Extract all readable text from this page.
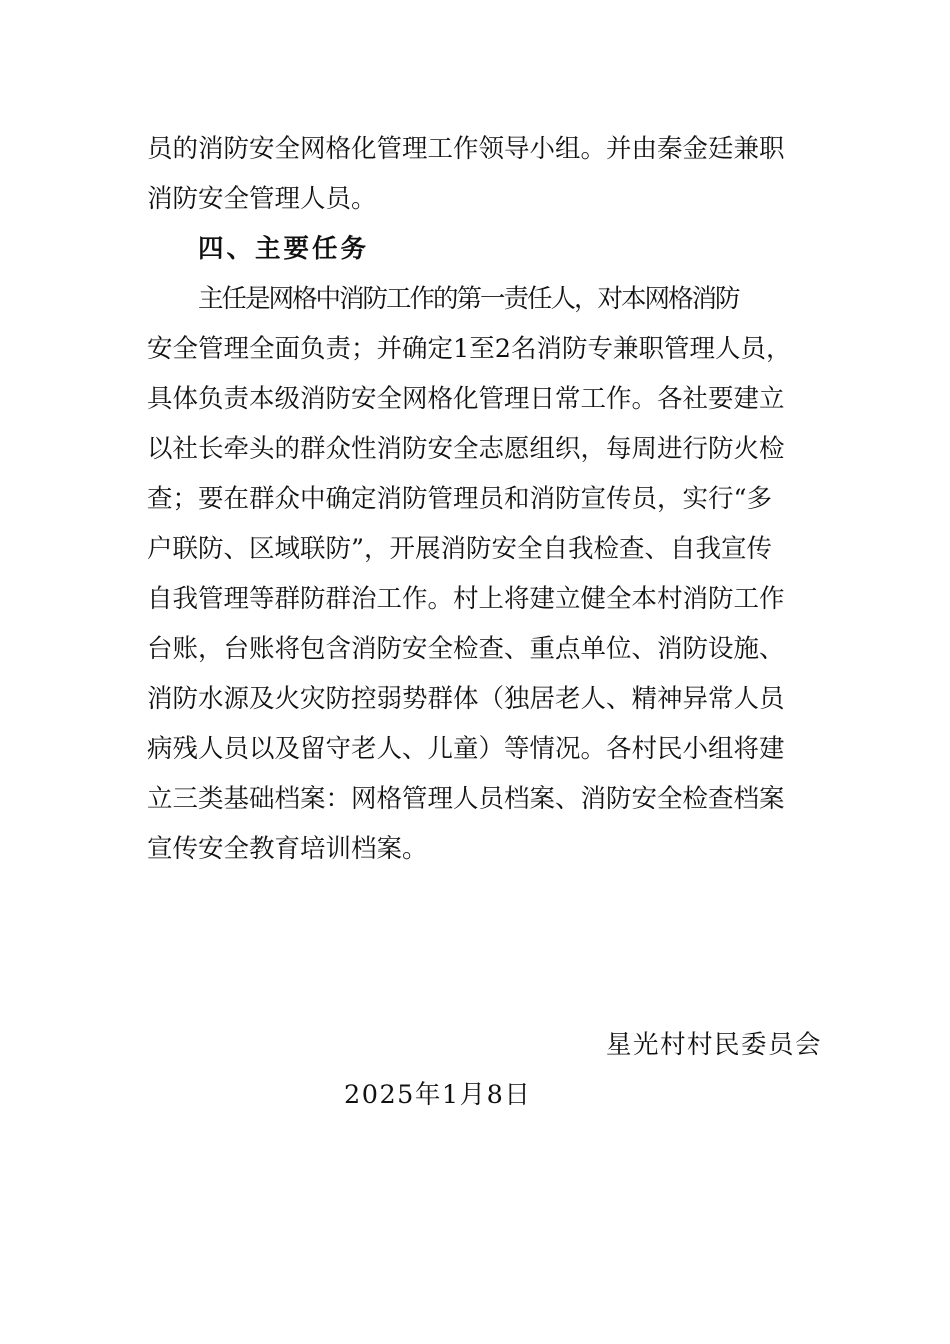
员的消防安全网格化管理工作领导小组。并由秦金廷兼职
消防安全管理人员。
四、主要任务
主任是网格中消防工作的第一责任人，对本网格消防
安全管理全面负责；并确定1至2名消防专兼职管理人员，
具体负责本级消防安全网格化管理日常工作。各社要建立
以社长牵头的群众性消防安全志愿组织，每周进行防火检
查；要在群众中确定消防管理员和消防宣传员，实行“多
户联防、区域联防”，开展消防安全自我检查、自我宣传
自我管理等群防群治工作。村上将建立健全本村消防工作
台账，台账将包含消防安全检查、重点单位、消防设施、
消防水源及火灾防控弱势群体（独居老人、精神异常人员
病残人员以及留守老人、儿童）等情况。各村民小组将建
立三类基础档案：网格管理人员档案、消防安全检查档案
宣传安全教育培训档案。
星光村村民委员会
2025年1月8日
